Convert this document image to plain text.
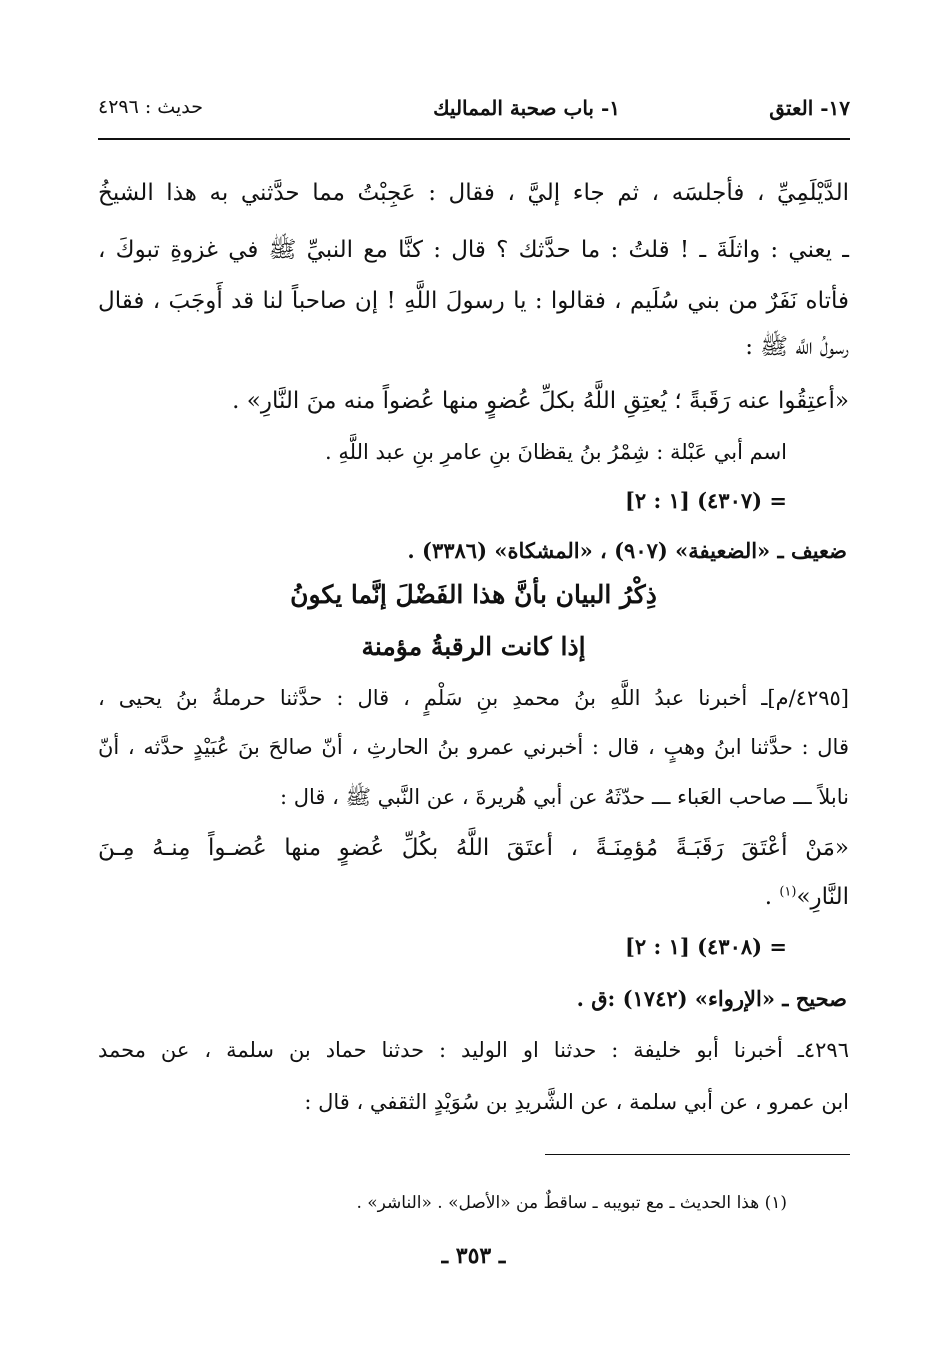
١٧- العتق
١- باب صحبة المماليك
حديث : ٤٢٩٦
الدَّيْلَمِيِّ ، فأجلسَه ، ثم جاء إليَّ ، فقال : عَجِبْتُ مما حدَّثني به هذا الشيخُ
ـ يعني : واثلَةَ ـ ! قلتُ : ما حدَّثك ؟ قال : كنَّا مع النبيِّ ﷺ في غزوةِ تبوكَ ،
فأتاه نَفَرٌ من بني سُلَيم ، فقالوا : يا رسولَ اللَّهِ ! إن صاحباً لنا قد أَوجَبَ ، فقال
رسولُ اللَّه ﷺ :
«أعتِقُوا عنه رَقَبةً ؛ يُعتِقِ اللَّهُ بكلِّ عُضوٍ منها عُضواً منه منَ النَّارِ» .
اسم أبي عَبْلة : شِمْرُ بنُ يقظانَ بنِ عامرِ بنِ عبد اللَّهِ .
= (٤٣٠٧) [١ : ٢]
ضعيف ـ «الضعيفة» (٩٠٧) ، «المشكاة» (٣٣٨٦) .
ذِكْرُ البيان بأنَّ هذا الفَضْلَ إنَّما يكونُ
إذا كانت الرقبةُ مؤمنة
[٤٢٩٥/م]ـ أخبرنا عبدُ اللَّهِ بنُ محمدِ بنِ سَلْمٍ ، قال : حدَّثنا حرملةُ بنُ يحيى ،
قال : حدَّثنا ابنُ وهبٍ ، قال : أخبرني عمرو بنُ الحارثِ ، أنّ صالحَ بنَ عُبَيْدٍ حدَّثه ، أنّ
نابلاً ـــ صاحب العَباء ـــ حدّثَهُ عن أبي هُريرةَ ، عن النَّبي ﷺ ، قال :
«مَنْ أعْتَقَ رَقَبَـةً مُؤمِنَـةً ، أعتَقَ اللَّهُ بكُلِّ عُضوٍ منها عُضـواً مِنـهُ مِـنَ
النَّارِ»$^{(١)}$ .
= (٤٣٠٨) [١ : ٢]
صحيح ـ «الإرواء» (١٧٤٢) :ق .
٤٢٩٦ـ أخبرنا أبو خليفة : حدثنا او الوليد : حدثنا حماد بن سلمة ، عن محمد
ابن عمرو ، عن أبي سلمة ، عن الشَّريدِ بن سُوَيْدٍ الثقفي ، قال :
(١) هذا الحديث ـ مع تبويبه ـ ساقطٌ من «الأصل» . «الناشر» .
ـ ٣٥٣ ـ
